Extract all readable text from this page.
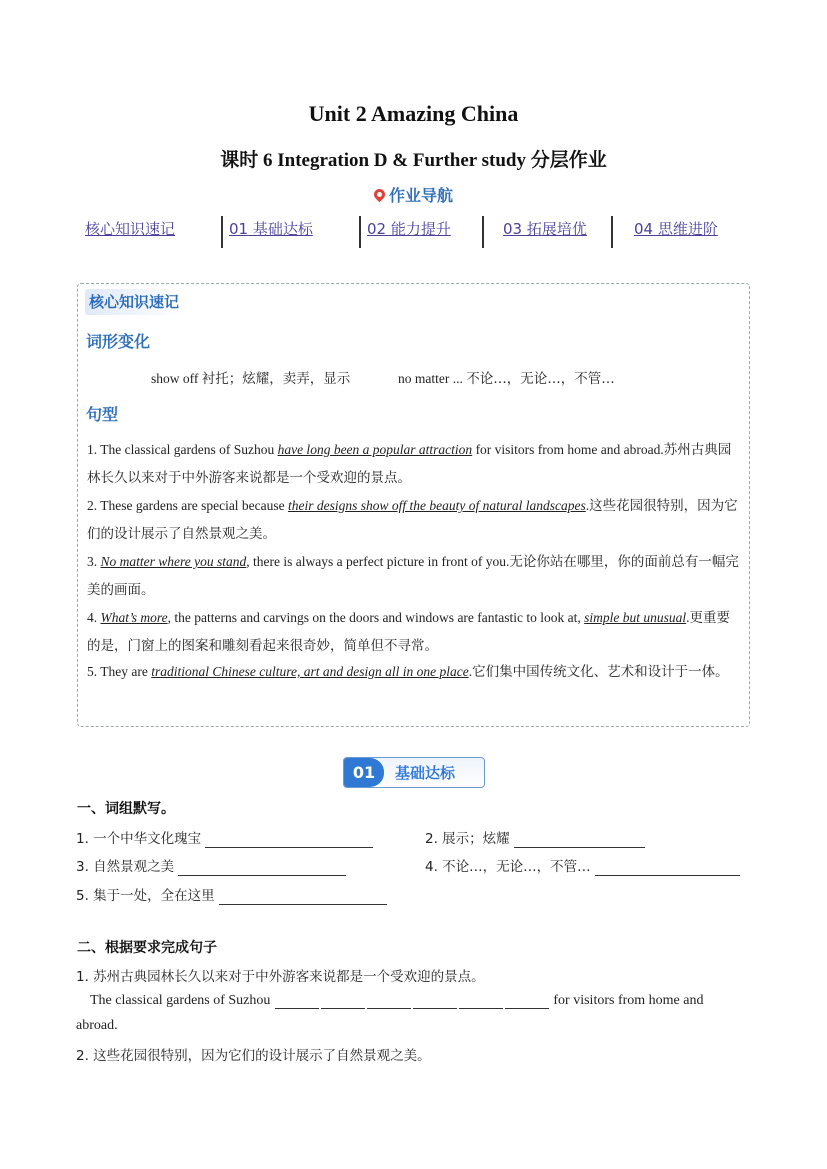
Unit 2 Amazing China
课时 6 Integration D & Further study 分层作业
作业导航
核心知识速记	01 基础达标	02 能力提升	03 拓展培优	04 思维进阶
核心知识速记
词形变化
show off 衬托；炫耀，卖弄，显示	no matter ... 不论…，无论…，不管…
句型
1. The classical gardens of Suzhou have long been a popular attraction for visitors from home and abroad.苏州古典园林长久以来对于中外游客来说都是一个受欢迎的景点。
2. These gardens are special because their designs show off the beauty of natural landscapes.这些花园很特别，因为它们的设计展示了自然景观之美。
3. No matter where you stand, there is always a perfect picture in front of you.无论你站在哪里，你的面前总有一幅完美的画面。
4. What’s more, the patterns and carvings on the doors and windows are fantastic to look at, simple but unusual.更重要的是，门窗上的图案和雕刻看起来很奇妙，简单但不寻常。
5. They are traditional Chinese culture, art and design all in one place.它们集中国传统文化、艺术和设计于一体。
01	基础达标
一、词组默写。
1. 一个中华文化瑰宝	2. 展示；炫耀
3. 自然景观之美	4. 不论…，无论…，不管…
5. 集于一处，全在这里
二、根据要求完成句子
1. 苏州古典园林长久以来对于中外游客来说都是一个受欢迎的景点。
The classical gardens of Suzhou	for visitors from home and
abroad.
2. 这些花园很特别，因为它们的设计展示了自然景观之美。
